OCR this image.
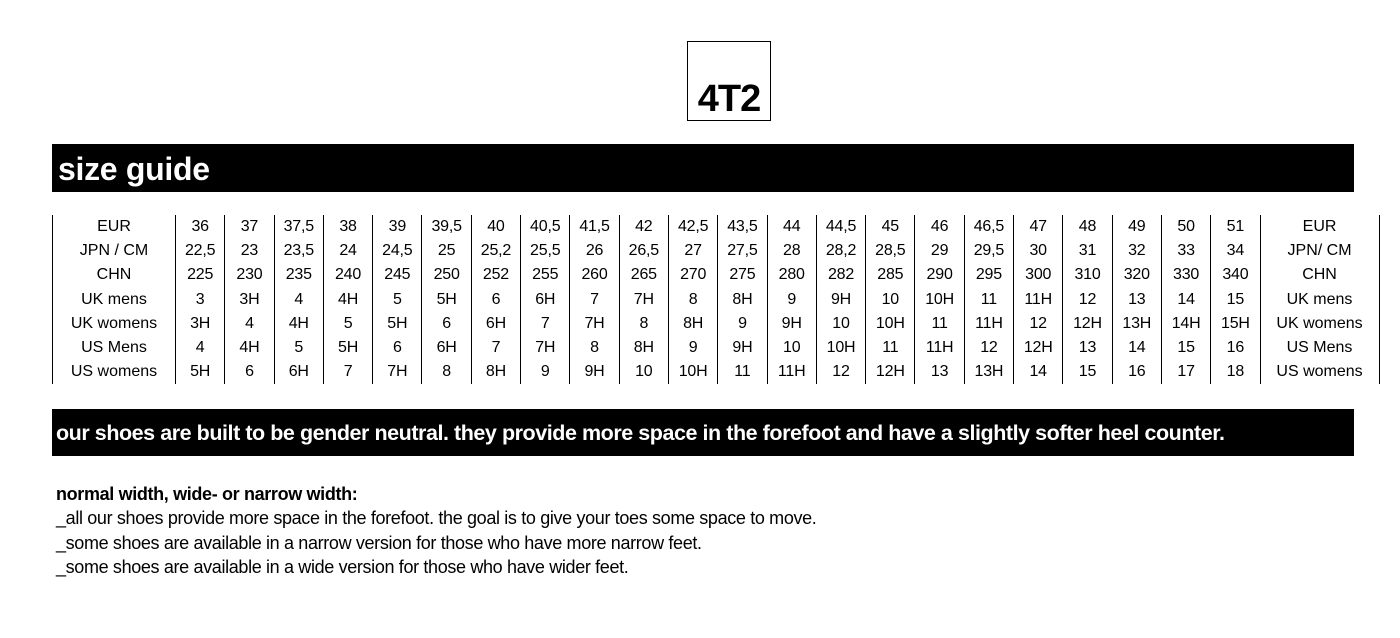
4T2
size guide
EUR	36	37	37,5	38	39	39,5	40	40,5	41,5	42	42,5	43,5	44	44,5	45	46	46,5	47	48	49	50	51	EUR
JPN / CM	22,5	23	23,5	24	24,5	25	25,2	25,5	26	26,5	27	27,5	28	28,2	28,5	29	29,5	30	31	32	33	34	JPN/ CM
CHN	225	230	235	240	245	250	252	255	260	265	270	275	280	282	285	290	295	300	310	320	330	340	CHN
UK mens	3	3H	4	4H	5	5H	6	6H	7	7H	8	8H	9	9H	10	10H	11	11H	12	13	14	15	UK mens
UK womens	3H	4	4H	5	5H	6	6H	7	7H	8	8H	9	9H	10	10H	11	11H	12	12H	13H	14H	15H	UK womens
US Mens	4	4H	5	5H	6	6H	7	7H	8	8H	9	9H	10	10H	11	11H	12	12H	13	14	15	16	US Mens
US womens	5H	6	6H	7	7H	8	8H	9	9H	10	10H	11	11H	12	12H	13	13H	14	15	16	17	18	US womens
our shoes are built to be gender neutral. they provide more space in the forefoot and have a slightly softer heel counter.
normal width, wide- or narrow width:
_all our shoes provide more space in the forefoot. the goal is to give your toes some space to move.
_some shoes are available in a narrow version for those who have more narrow feet.
_some shoes are available in a wide version for those who have wider feet.
